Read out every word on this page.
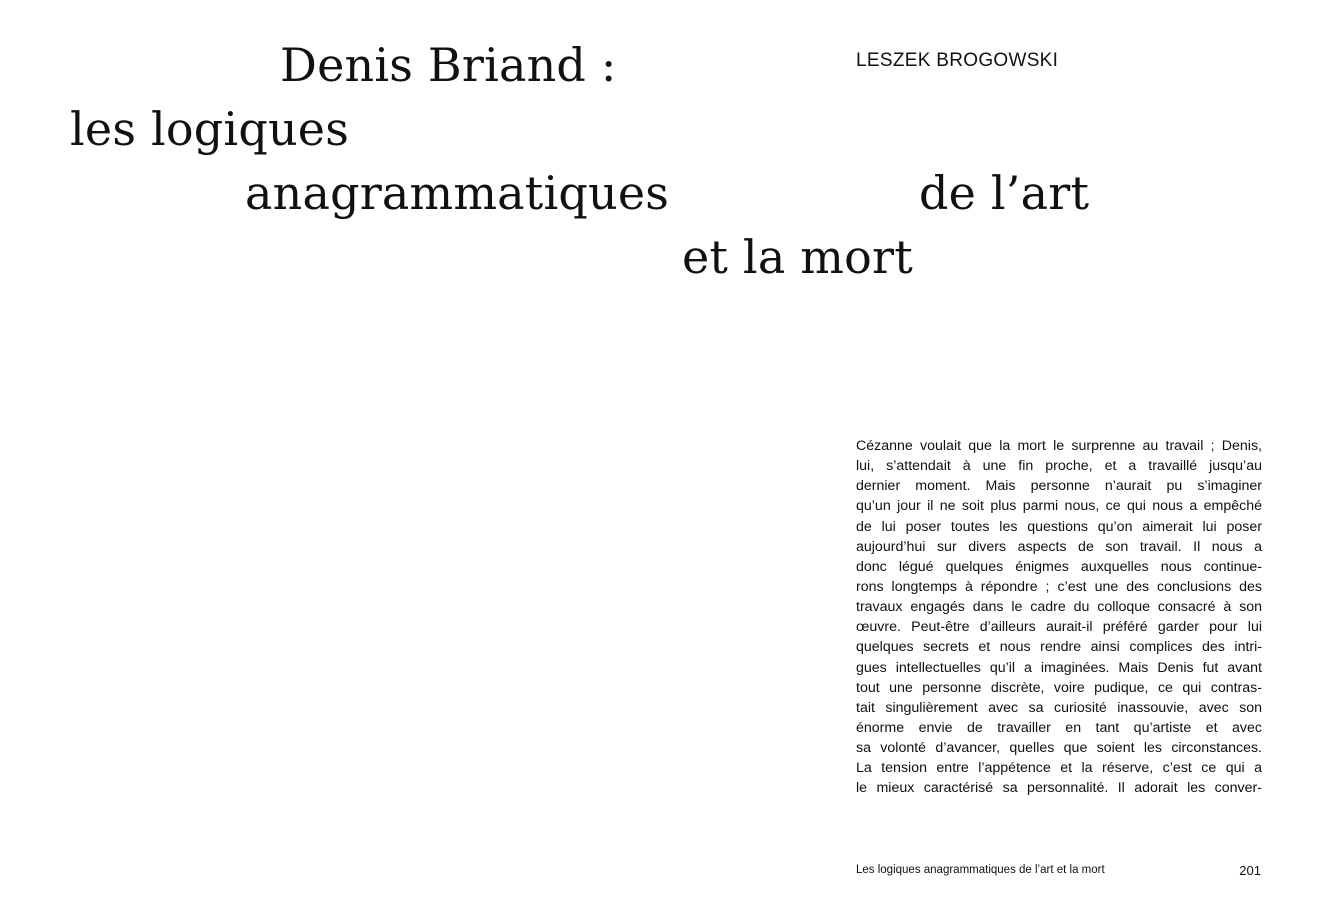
Denis Briand :
les logiques
anagrammatiques	de l’art
et la mort

LESZEK BROGOWSKI

Cézanne voulait que la mort le surprenne au travail ; Denis,
lui, s’attendait à une fin proche, et a travaillé jusqu’au
dernier moment. Mais personne n’aurait pu s’imaginer
qu’un jour il ne soit plus parmi nous, ce qui nous a empêché
de lui poser toutes les questions qu’on aimerait lui poser
aujourd’hui sur divers aspects de son travail. Il nous a
donc légué quelques énigmes auxquelles nous continue-
rons longtemps à répondre ; c’est une des conclusions des
travaux engagés dans le cadre du colloque consacré à son
œuvre. Peut-être d’ailleurs aurait-il préféré garder pour lui
quelques secrets et nous rendre ainsi complices des intri-
gues intellectuelles qu’il a imaginées. Mais Denis fut avant
tout une personne discrète, voire pudique, ce qui contras-
tait singulièrement avec sa curiosité inassouvie, avec son
énorme envie de travailler en tant qu’artiste et avec
sa volonté d’avancer, quelles que soient les circonstances.
La tension entre l’appétence et la réserve, c’est ce qui a
le mieux caractérisé sa personnalité. Il adorait les conver-

Les logiques anagrammatiques de l’art et la mort	201
